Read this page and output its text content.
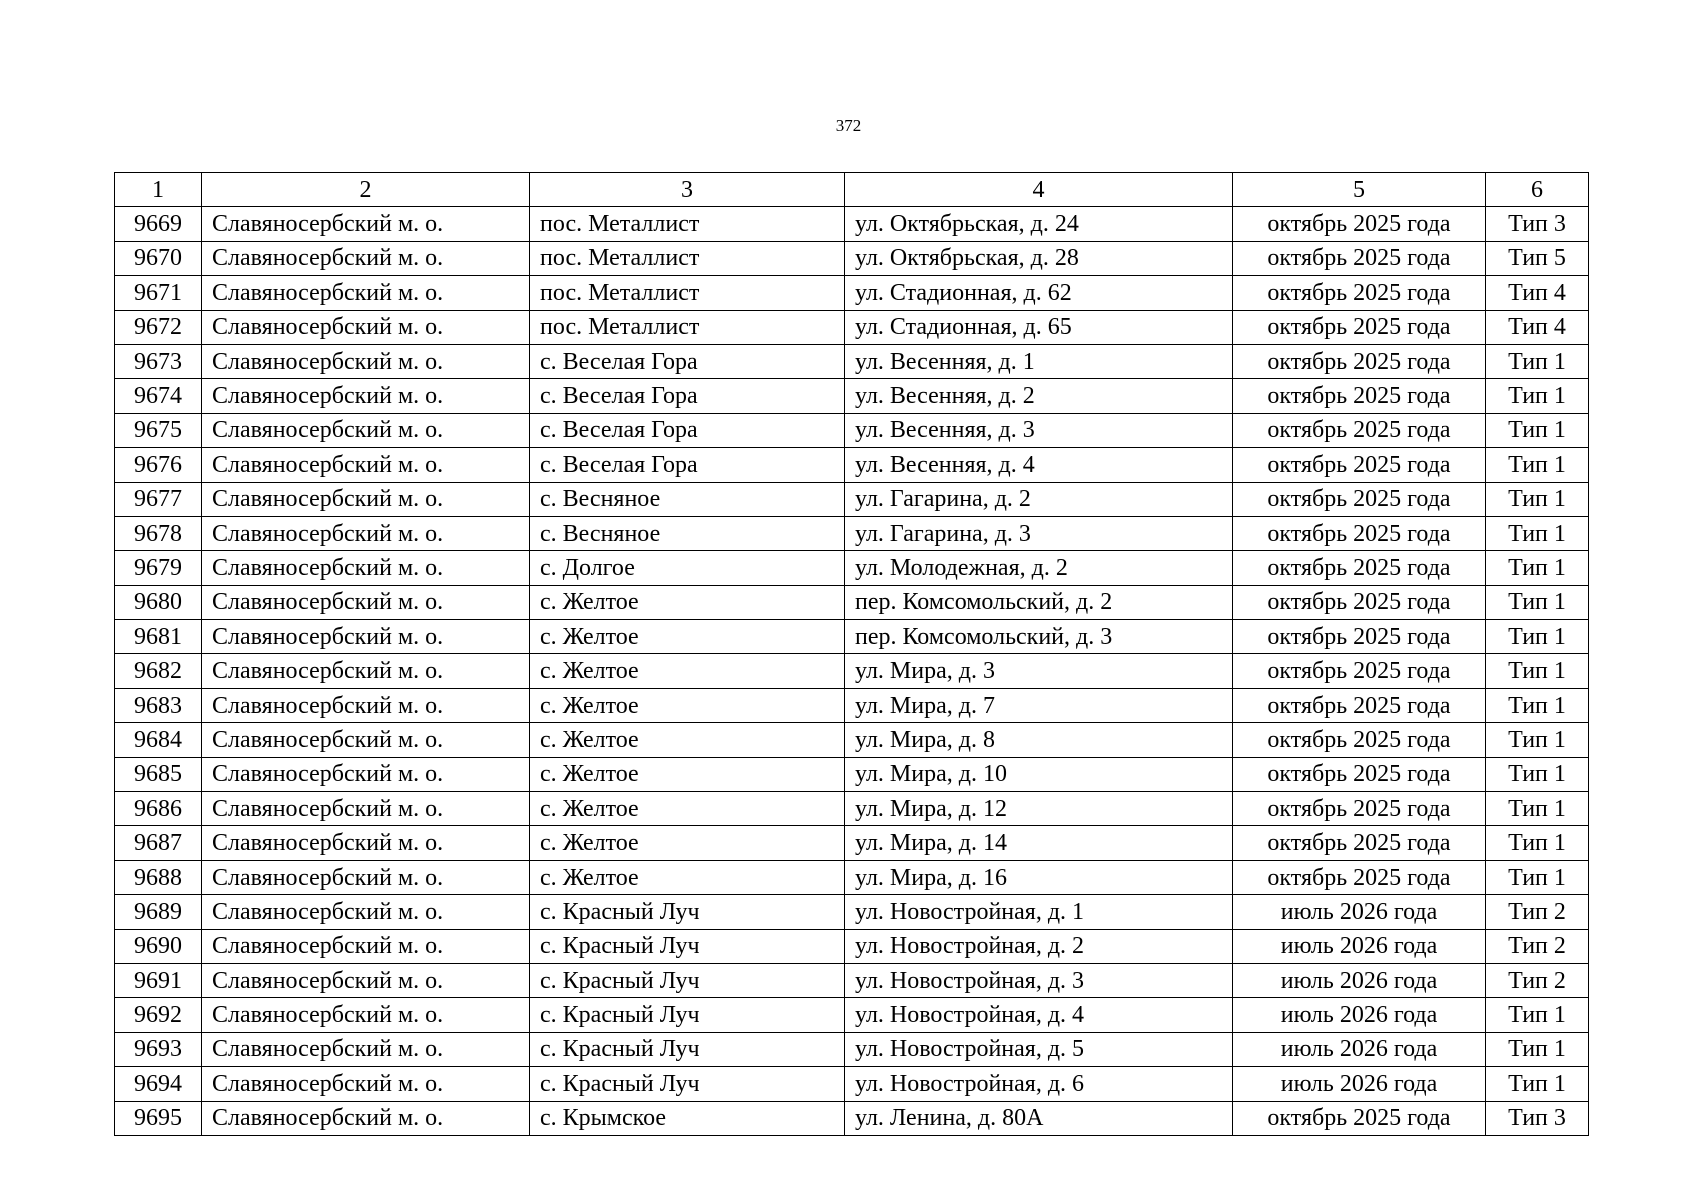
372
1	2	3	4	5	6
9669	Славяносербский м. о.	пос. Металлист	ул. Октябрьская, д. 24	октябрь 2025 года	Тип 3
9670	Славяносербский м. о.	пос. Металлист	ул. Октябрьская, д. 28	октябрь 2025 года	Тип 5
9671	Славяносербский м. о.	пос. Металлист	ул. Стадионная, д. 62	октябрь 2025 года	Тип 4
9672	Славяносербский м. о.	пос. Металлист	ул. Стадионная, д. 65	октябрь 2025 года	Тип 4
9673	Славяносербский м. о.	с. Веселая Гора	ул. Весенняя, д. 1	октябрь 2025 года	Тип 1
9674	Славяносербский м. о.	с. Веселая Гора	ул. Весенняя, д. 2	октябрь 2025 года	Тип 1
9675	Славяносербский м. о.	с. Веселая Гора	ул. Весенняя, д. 3	октябрь 2025 года	Тип 1
9676	Славяносербский м. о.	с. Веселая Гора	ул. Весенняя, д. 4	октябрь 2025 года	Тип 1
9677	Славяносербский м. о.	с. Весняное	ул. Гагарина, д. 2	октябрь 2025 года	Тип 1
9678	Славяносербский м. о.	с. Весняное	ул. Гагарина, д. 3	октябрь 2025 года	Тип 1
9679	Славяносербский м. о.	с. Долгое	ул. Молодежная, д. 2	октябрь 2025 года	Тип 1
9680	Славяносербский м. о.	с. Желтое	пер. Комсомольский, д. 2	октябрь 2025 года	Тип 1
9681	Славяносербский м. о.	с. Желтое	пер. Комсомольский, д. 3	октябрь 2025 года	Тип 1
9682	Славяносербский м. о.	с. Желтое	ул. Мира, д. 3	октябрь 2025 года	Тип 1
9683	Славяносербский м. о.	с. Желтое	ул. Мира, д. 7	октябрь 2025 года	Тип 1
9684	Славяносербский м. о.	с. Желтое	ул. Мира, д. 8	октябрь 2025 года	Тип 1
9685	Славяносербский м. о.	с. Желтое	ул. Мира, д. 10	октябрь 2025 года	Тип 1
9686	Славяносербский м. о.	с. Желтое	ул. Мира, д. 12	октябрь 2025 года	Тип 1
9687	Славяносербский м. о.	с. Желтое	ул. Мира, д. 14	октябрь 2025 года	Тип 1
9688	Славяносербский м. о.	с. Желтое	ул. Мира, д. 16	октябрь 2025 года	Тип 1
9689	Славяносербский м. о.	с. Красный Луч	ул. Новостройная, д. 1	июль 2026 года	Тип 2
9690	Славяносербский м. о.	с. Красный Луч	ул. Новостройная, д. 2	июль 2026 года	Тип 2
9691	Славяносербский м. о.	с. Красный Луч	ул. Новостройная, д. 3	июль 2026 года	Тип 2
9692	Славяносербский м. о.	с. Красный Луч	ул. Новостройная, д. 4	июль 2026 года	Тип 1
9693	Славяносербский м. о.	с. Красный Луч	ул. Новостройная, д. 5	июль 2026 года	Тип 1
9694	Славяносербский м. о.	с. Красный Луч	ул. Новостройная, д. 6	июль 2026 года	Тип 1
9695	Славяносербский м. о.	с. Крымское	ул. Ленина, д. 80А	октябрь 2025 года	Тип 3
